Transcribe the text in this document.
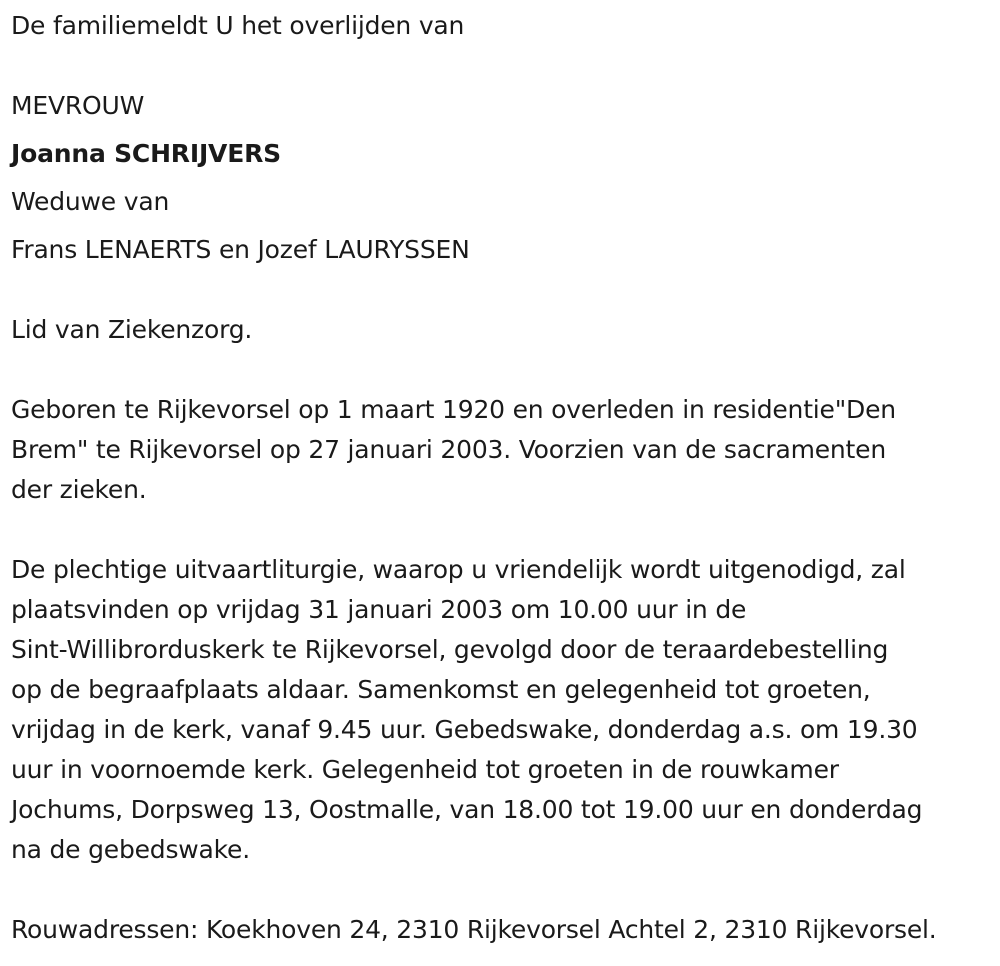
De familiemeldt U het overlijden van
MEVROUW
Joanna SCHRIJVERS
Weduwe van
Frans LENAERTS en Jozef LAURYSSEN
Lid van Ziekenzorg.
Geboren te Rijkevorsel op 1 maart 1920 en overleden in residentie"Den
Brem" te Rijkevorsel op 27 januari 2003. Voorzien van de sacramenten
der zieken.
De plechtige uitvaartliturgie, waarop u vriendelijk wordt uitgenodigd, zal
plaatsvinden op vrijdag 31 januari 2003 om 10.00 uur in de
Sint-Willibrorduskerk te Rijkevorsel, gevolgd door de teraardebestelling
op de begraafplaats aldaar. Samenkomst en gelegenheid tot groeten,
vrijdag in de kerk, vanaf 9.45 uur. Gebedswake, donderdag a.s. om 19.30
uur in voornoemde kerk. Gelegenheid tot groeten in de rouwkamer
Jochums, Dorpsweg 13, Oostmalle, van 18.00 tot 19.00 uur en donderdag
na de gebedswake.
Rouwadressen: Koekhoven 24, 2310 Rijkevorsel Achtel 2, 2310 Rijkevorsel.
